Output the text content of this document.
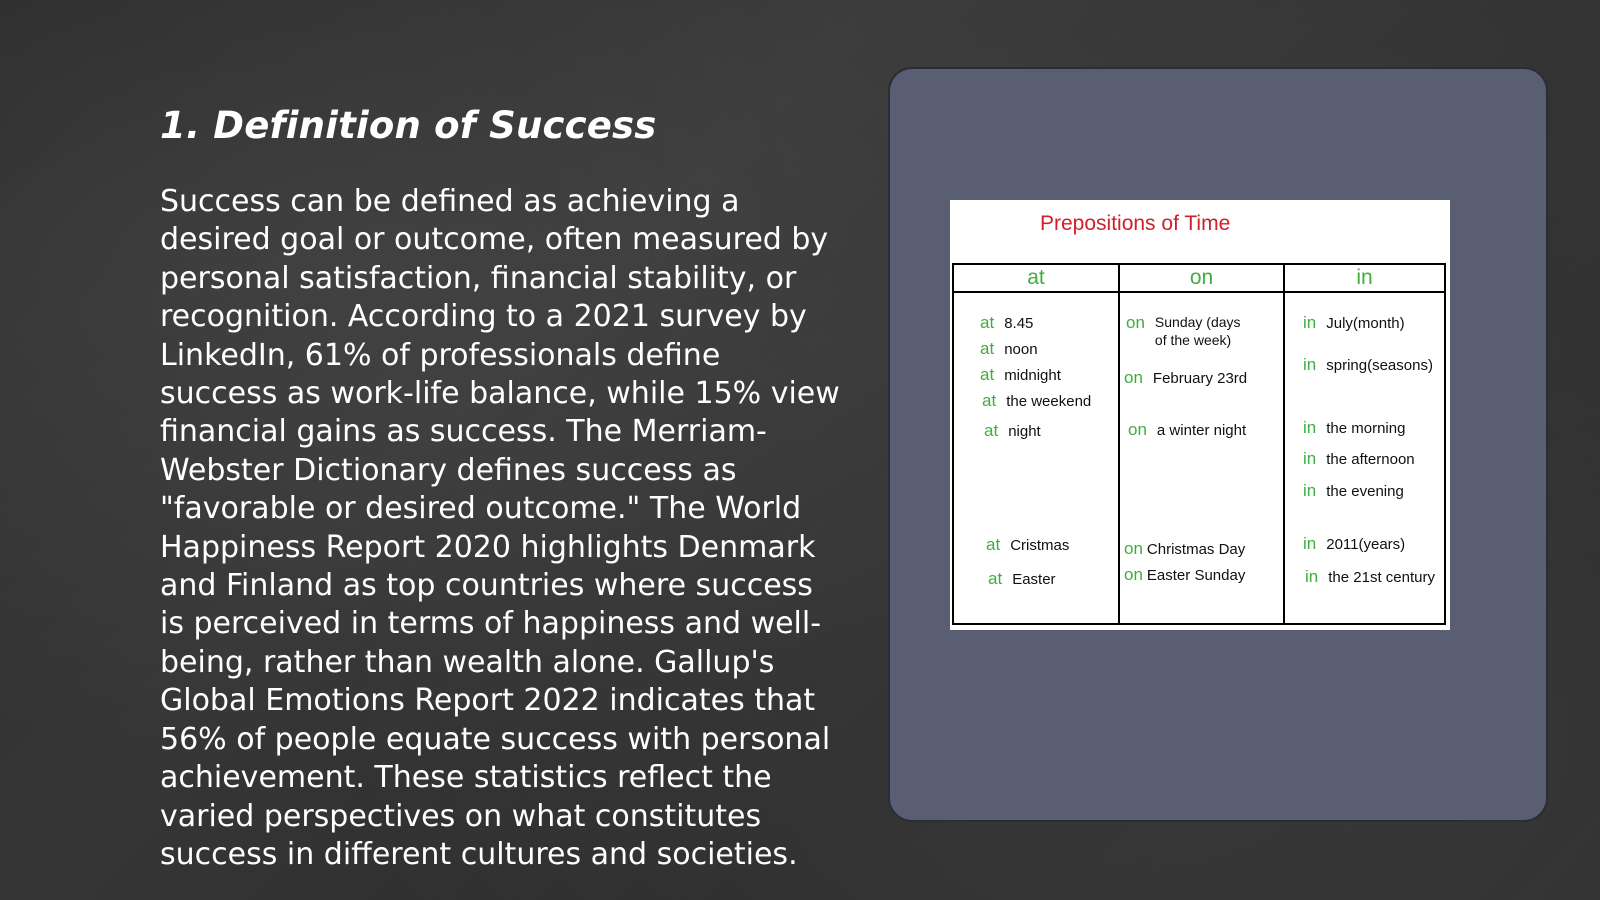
1. Definition of Success

Success can be defined as achieving a desired goal or outcome, often measured by personal satisfaction, financial stability, or recognition. According to a 2021 survey by LinkedIn, 61% of professionals define success as work-life balance, while 15% view financial gains as success. The Merriam-Webster Dictionary defines success as "favorable or desired outcome." The World Happiness Report 2020 highlights Denmark and Finland as top countries where success is perceived in terms of happiness and well-being, rather than wealth alone. Gallup's Global Emotions Report 2022 indicates that 56% of people equate success with personal achievement. These statistics reflect the varied perspectives on what constitutes success in different cultures and societies.

Prepositions of Time
at
at 8.45
at noon
at midnight
at the weekend
at night
at Cristmas
at Easter
on
on Sunday (days of the week)
on February 23rd
on a winter night
on Christmas Day
on Easter Sunday
in
in July(month)
in spring(seasons)
in the morning
in the afternoon
in the evening
in 2011(years)
in the 21st century
